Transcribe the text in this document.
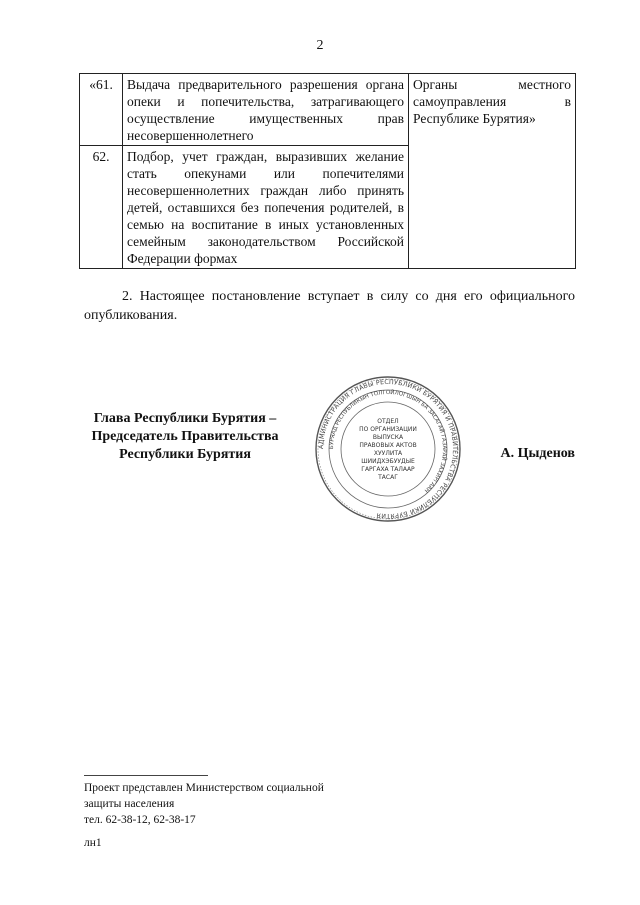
2
«61.	Выдача предварительного разрешения органа опеки и попечительства, затрагивающего осуществление имущественных прав несовершеннолетнего	Органы местного самоуправления в Республике Бурятия»
62.	Подбор, учет граждан, выразивших желание стать опекунами или попечителями несовершеннолетних граждан либо принять детей, оставшихся без попечения родителей, в семью на воспитание в иных установленных семейным законодательством Российской Федерации формах	

2. Настоящее постановление вступает в силу со дня его официального опубликования.

Глава Республики Бурятия –
Председатель Правительства
Республики Бурятия
АДМИНИСТРАЦИЯ ГЛАВЫ РЕСПУБЛИКИ БУРЯТИЯ И ПРАВИТЕЛЬСТВА РЕСПУБЛИКИ БУРЯТИЯ
БУРЯАД РЕСПУБЛИКЫН ТОЛГОЙЛОГШЫН БА ЗАСАГАЙ ГАЗАРАЙ ЗАХИРГААН
ОТДЕЛ
ПО ОРГАНИЗАЦИИ
ВЫПУСКА
ПРАВОВЫХ АКТОВ
ХУУЛИТА
ШИИДХЭБУУДЫЕ
ГАРГАХА ТАЛААР
ТАСАГ
А. Цыденов
Проект представлен Министерством социальной
защиты населения
тел. 62-38-12, 62-38-17
лн1
